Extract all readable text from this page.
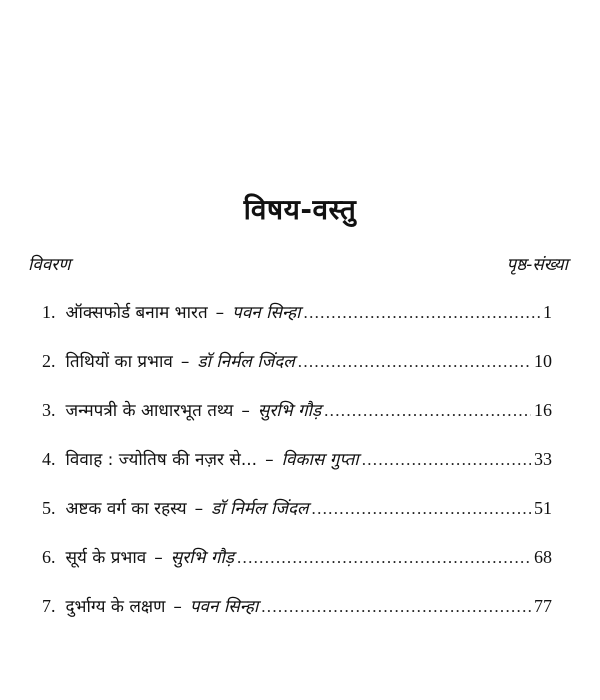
विषय-वस्तु
विवरण	पृष्ठ-संख्या
1. ऑक्सफोर्ड बनाम भारत – पवन सिन्हा .....	1
2. तिथियों का प्रभाव – डॉ निर्मल जिंदल .....	10
3. जन्मपत्री के आधारभूत तथ्य – सुरभि गौड़ .....	16
4. विवाह : ज्योतिष की नज़र से... – विकास गुप्ता .....	33
5. अष्टक वर्ग का रहस्य – डॉ निर्मल जिंदल .....	51
6. सूर्य के प्रभाव – सुरभि गौड़ .....	68
7. दुर्भाग्य के लक्षण – पवन सिन्हा .....	77
